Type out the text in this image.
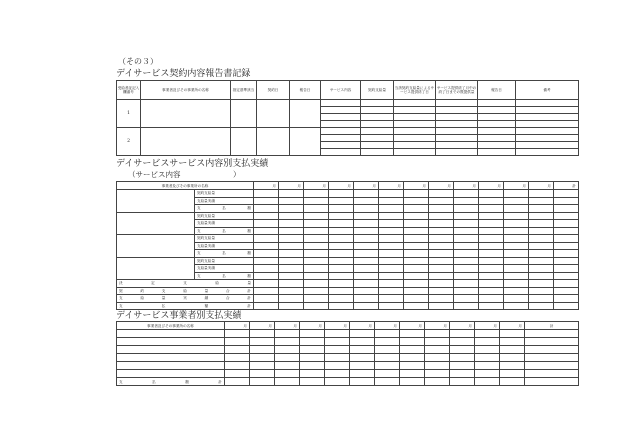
（その３）
デイサービス契約内容報告書記録
受給者証記入欄番号	事業者及びその事業所の名称	指定基準該当	契約日	報告日	サービス内容	契約支給量	当該契約支給量によるサービス提供終了日	サービス提供終了月中の終了日までの既提供量	報告日	備考
1										

2										

デイサービスサービス内容別支払実績
（サービス内容　　　　　　　）
事業者及びその事業所の名称		月	月	月	月	月	月	月	月	月	月	月	月	計
	契約支給量													
	支給量実績													
	支払額													
	契約支給量													
	支給量実績													
	支払額													
	契約支給量													
	支給量実績													
	支払額													
	契約支給量													
	支給量実績													
	支払額													
決定支給量														
契約支給量合計														
支給量実績合計														
支払額計														
デイサービス事業者別支払実績
事業者及びその事業所の名称	月	月	月	月	月	月	月	月	月	月	月	月	計

支払額計													
